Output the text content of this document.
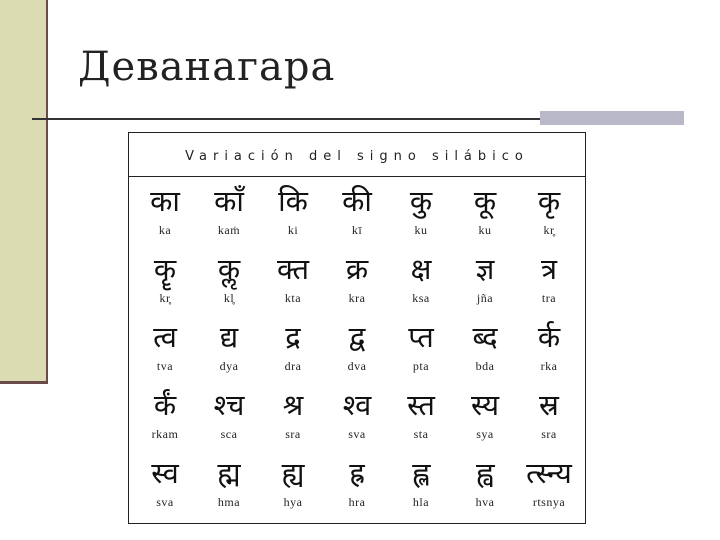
Деванагара
Variación del signo silábico
का
ka
काँ
kaṁ
कि
ki
की
kī
कु
ku
कू
ku
कृ
kr̥
कॄ
kr̥
कॢ
kl̥
क्त
kta
क्र
kra
क्ष
ksa
ज्ञ
jña
त्र
tra
त्व
tva
द्य
dya
द्र
dra
द्व
dva
प्त
pta
ब्द
bda
र्क
rka
र्कं
rkam
श्च
sca
श्र
sra
श्व
sva
स्त
sta
स्य
sya
स्र
sra
स्व
sva
ह्म
hma
ह्य
hya
ह्र
hra
ह्ल
hla
ह्व
hva
त्स्न्य
rtsnya
